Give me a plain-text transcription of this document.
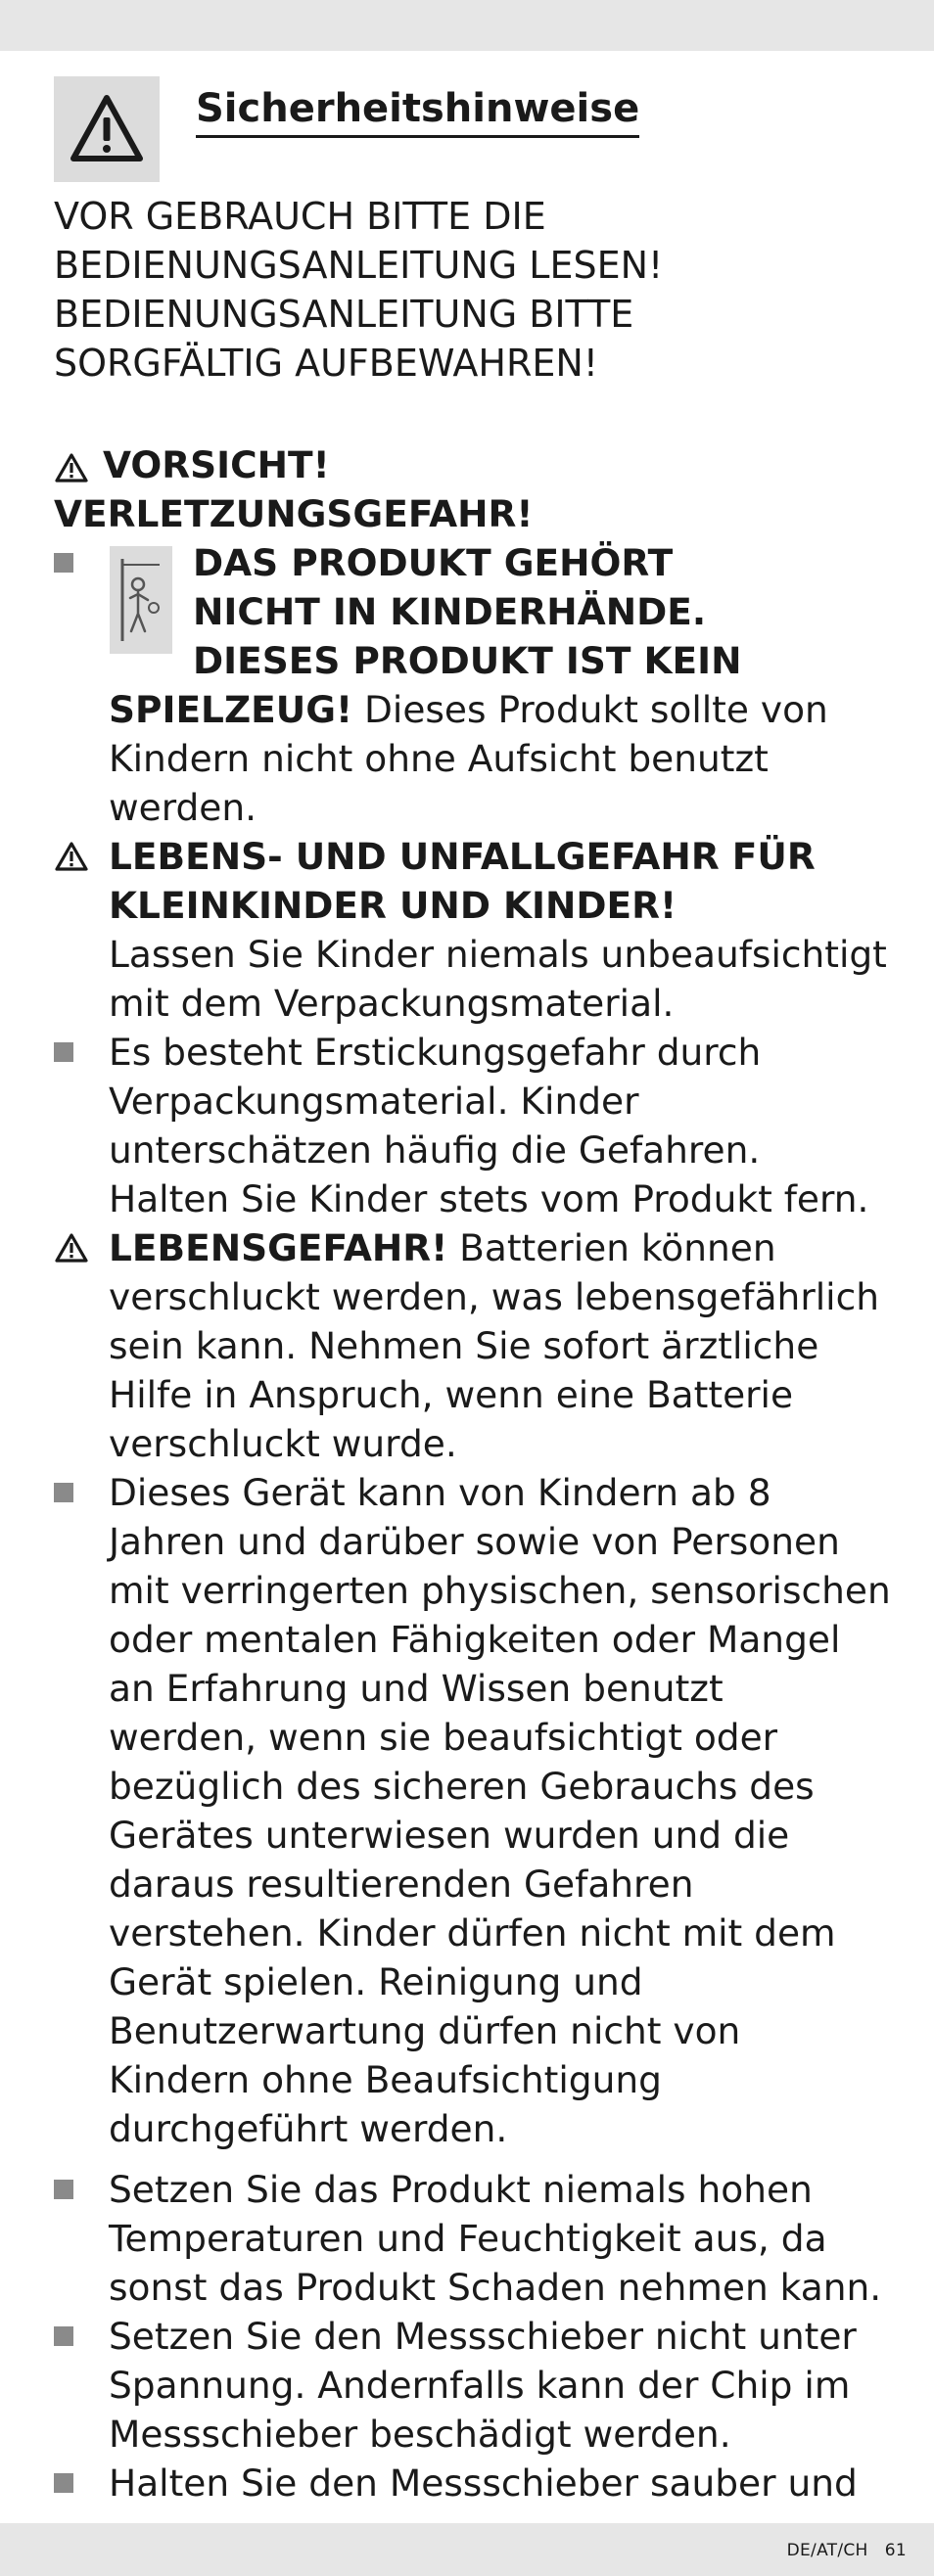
Sicherheitshinweise
VOR GEBRAUCH BITTE DIE
BEDIENUNGSANLEITUNG LESEN!
BEDIENUNGSANLEITUNG BITTE
SORGFÄLTIG AUFBEWAHREN!
VORSICHT!
VERLETZUNGSGEFAHR!
DAS PRODUKT GEHÖRT
NICHT IN KINDERHÄNDE.
DIESES PRODUKT IST KEIN
SPIELZEUG! Dieses Produkt sollte von
Kindern nicht ohne Aufsicht benutzt
werden.
LEBENS- UND UNFALLGEFAHR FÜR
KLEINKINDER UND KINDER!
Lassen Sie Kinder niemals unbeaufsichtigt
mit dem Verpackungsmaterial.
Es besteht Erstickungsgefahr durch
Verpackungsmaterial. Kinder
unterschätzen häufig die Gefahren.
Halten Sie Kinder stets vom Produkt fern.
LEBENSGEFAHR! Batterien können
verschluckt werden, was lebensgefährlich
sein kann. Nehmen Sie sofort ärztliche
Hilfe in Anspruch, wenn eine Batterie
verschluckt wurde.
Dieses Gerät kann von Kindern ab 8
Jahren und darüber sowie von Personen
mit verringerten physischen, sensorischen
oder mentalen Fähigkeiten oder Mangel
an Erfahrung und Wissen benutzt
werden, wenn sie beaufsichtigt oder
bezüglich des sicheren Gebrauchs des
Gerätes unterwiesen wurden und die
daraus resultierenden Gefahren
verstehen. Kinder dürfen nicht mit dem
Gerät spielen. Reinigung und
Benutzerwartung dürfen nicht von
Kindern ohne Beaufsichtigung
durchgeführt werden.
Setzen Sie das Produkt niemals hohen
Temperaturen und Feuchtigkeit aus, da
sonst das Produkt Schaden nehmen kann.
Setzen Sie den Messschieber nicht unter
Spannung. Andernfalls kann der Chip im
Messschieber beschädigt werden.
Halten Sie den Messschieber sauber und
DE/AT/CH   61
